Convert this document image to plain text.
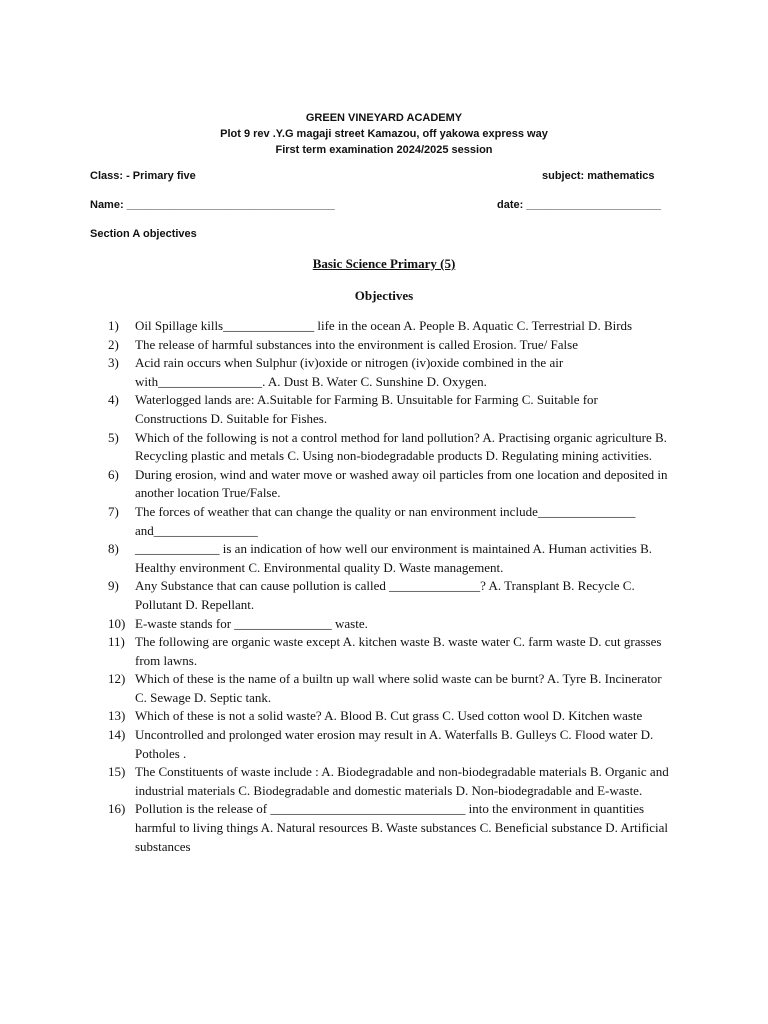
GREEN VINEYARD ACADEMY
Plot 9 rev .Y.G magaji street Kamazou, off yakowa express way
First term examination 2024/2025 session
Class: - Primary five	subject: mathematics
Name: __________________________________	date: ______________________
Section A objectives
Basic Science Primary (5)
Objectives
1) Oil Spillage kills______________ life in the ocean A. People B. Aquatic C. Terrestrial D. Birds
2) The release of harmful substances into the environment is called Erosion. True/ False
3) Acid rain occurs when Sulphur (iv)oxide or nitrogen (iv)oxide combined in the air with________________. A. Dust B. Water C. Sunshine D. Oxygen.
4) Waterlogged lands are: A.Suitable for Farming B. Unsuitable for Farming C. Suitable for Constructions D. Suitable for Fishes.
5) Which of the following is not a control method for land pollution? A. Practising organic agriculture B. Recycling plastic and metals C. Using non-biodegradable products D. Regulating mining activities.
6) During erosion, wind and water move or washed away oil particles from one location and deposited in another location True/False.
7) The forces of weather that can change the quality or nan environment include_______________ and________________
8) _____________ is an indication of how well our environment is maintained A. Human activities B. Healthy environment C. Environmental quality D. Waste management.
9) Any Substance that can cause pollution is called ______________? A. Transplant B. Recycle C. Pollutant D. Repellant.
10) E-waste stands for _______________ waste.
11) The following are organic waste except A. kitchen waste B. waste water C. farm waste D. cut grasses from lawns.
12) Which of these is the name of a builtn up wall where solid waste can be burnt? A. Tyre B. Incinerator C. Sewage D. Septic tank.
13) Which of these is not a solid waste? A. Blood B. Cut grass C. Used cotton wool D. Kitchen waste
14) Uncontrolled and prolonged water erosion may result in A. Waterfalls B. Gulleys C. Flood water D. Potholes .
15) The Constituents of waste include : A. Biodegradable and non-biodegradable materials B. Organic and industrial materials C. Biodegradable and domestic materials D. Non-biodegradable and E-waste.
16) Pollution is the release of ______________________________ into the environment in quantities harmful to living things A. Natural resources B. Waste substances C. Beneficial substance D. Artificial substances
